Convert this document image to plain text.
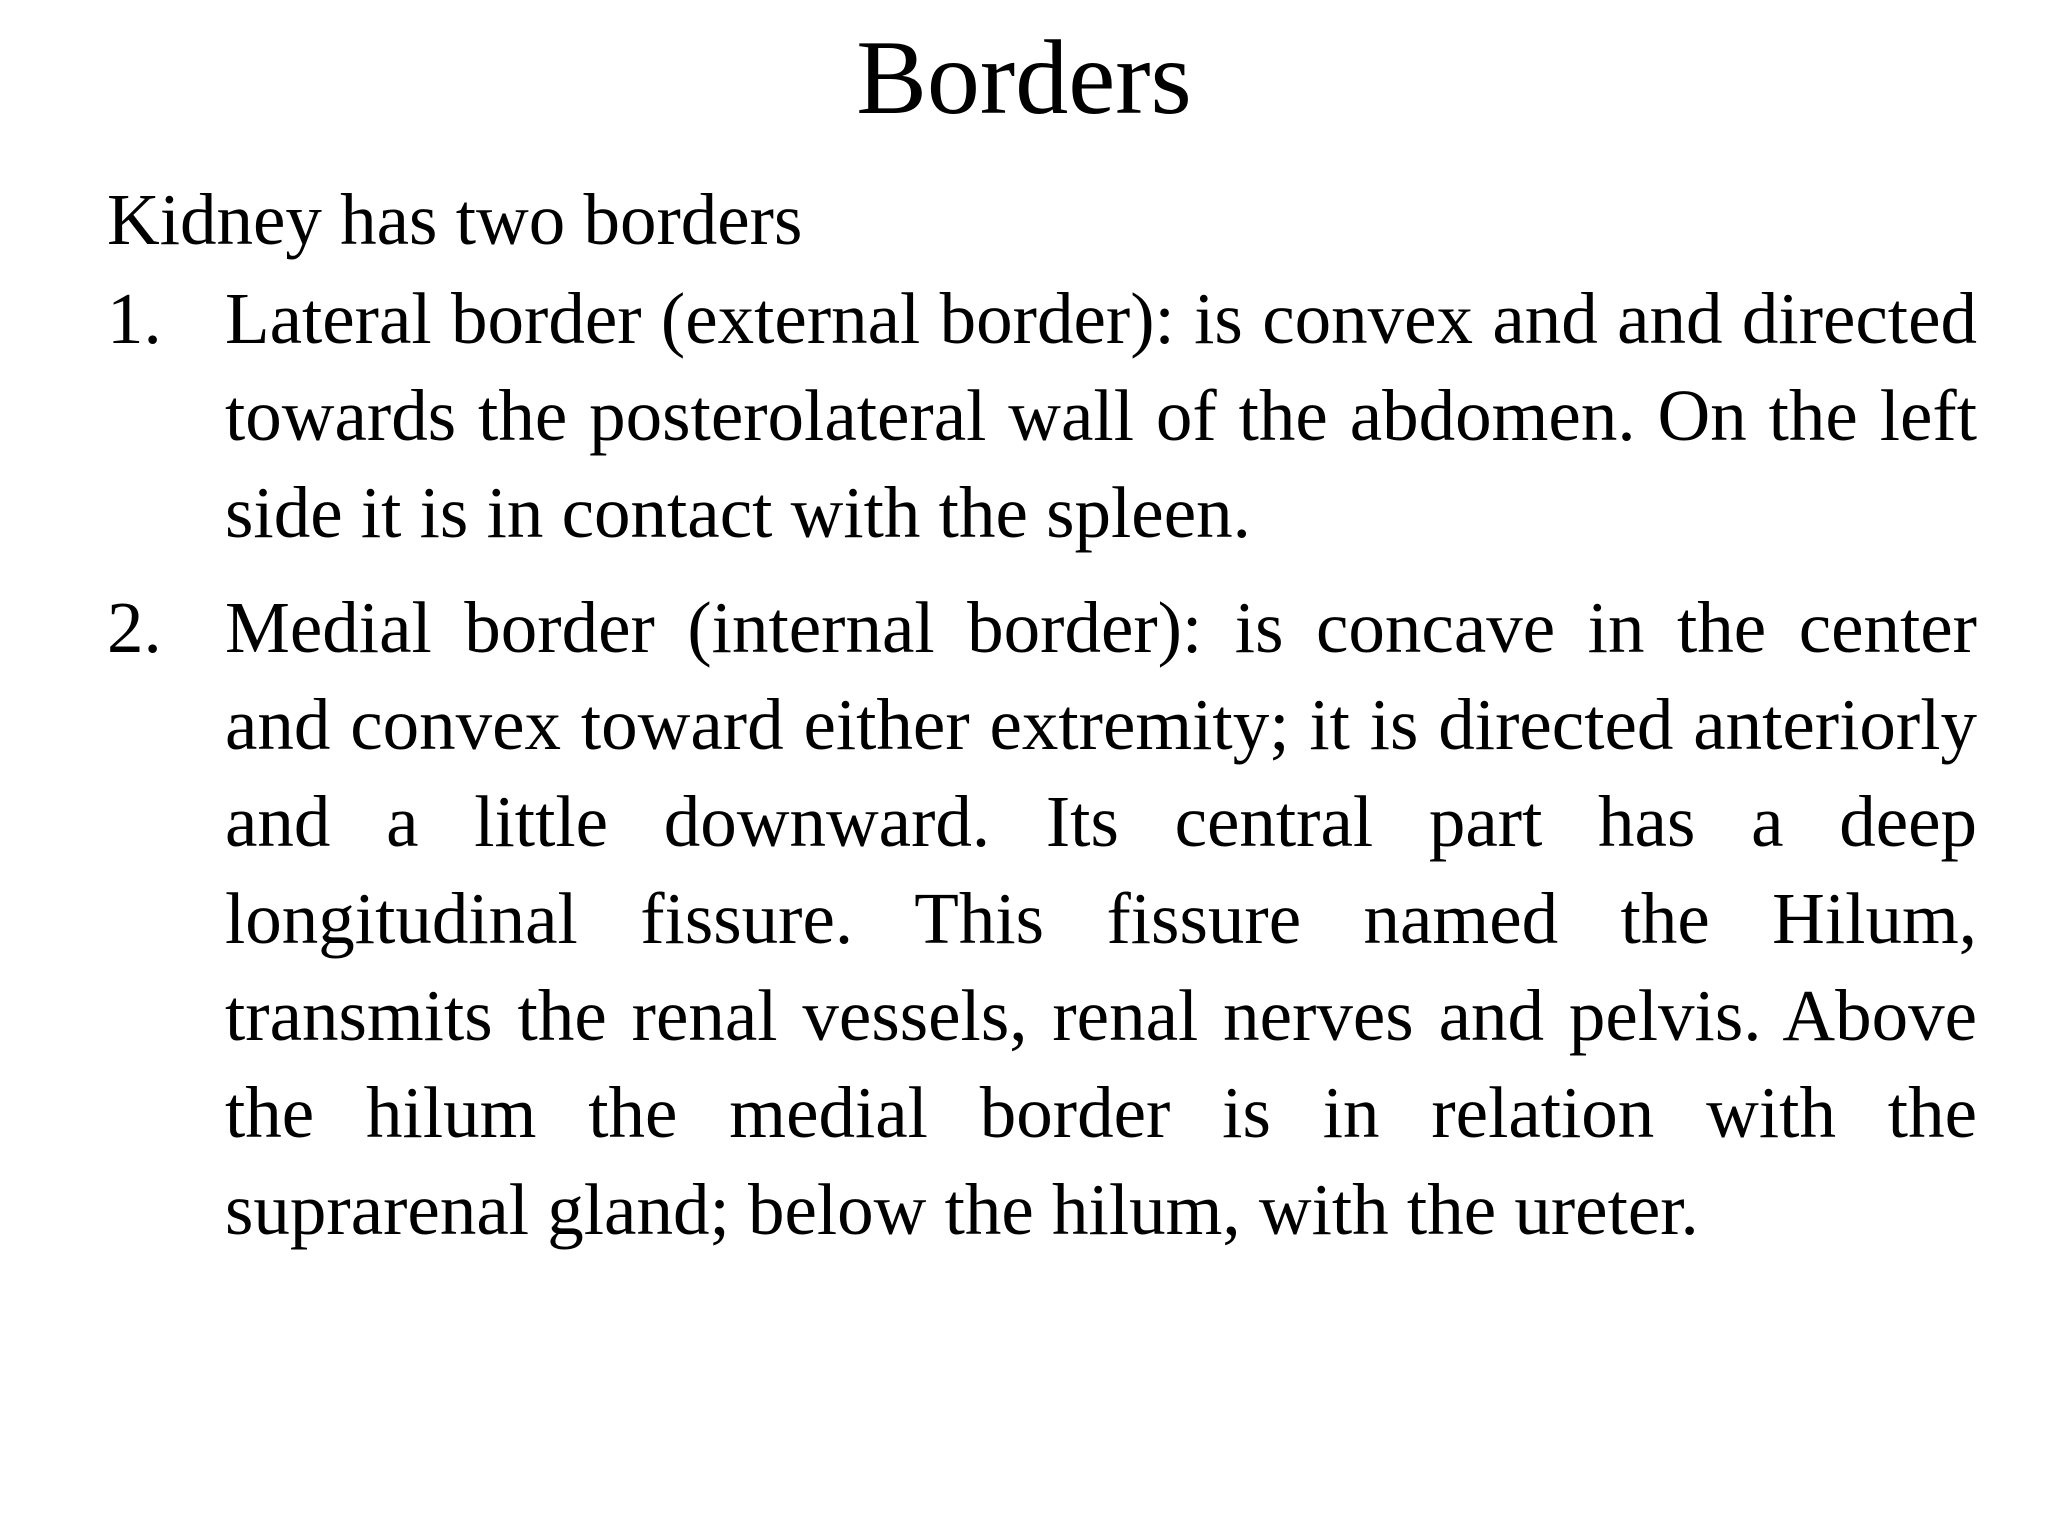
Borders
Kidney has two borders
1. Lateral border (external border): is convex and and directed towards the posterolateral wall of the abdomen. On the left side it is in contact with the spleen.
2. Medial border (internal border): is concave in the center and convex toward either extremity; it is directed anteriorly and a little downward. Its central part has a deep longitudinal fissure. This fissure named the Hilum, transmits the renal vessels, renal nerves and pelvis. Above the hilum the medial border is in relation with the suprarenal gland; below the hilum, with the ureter.
